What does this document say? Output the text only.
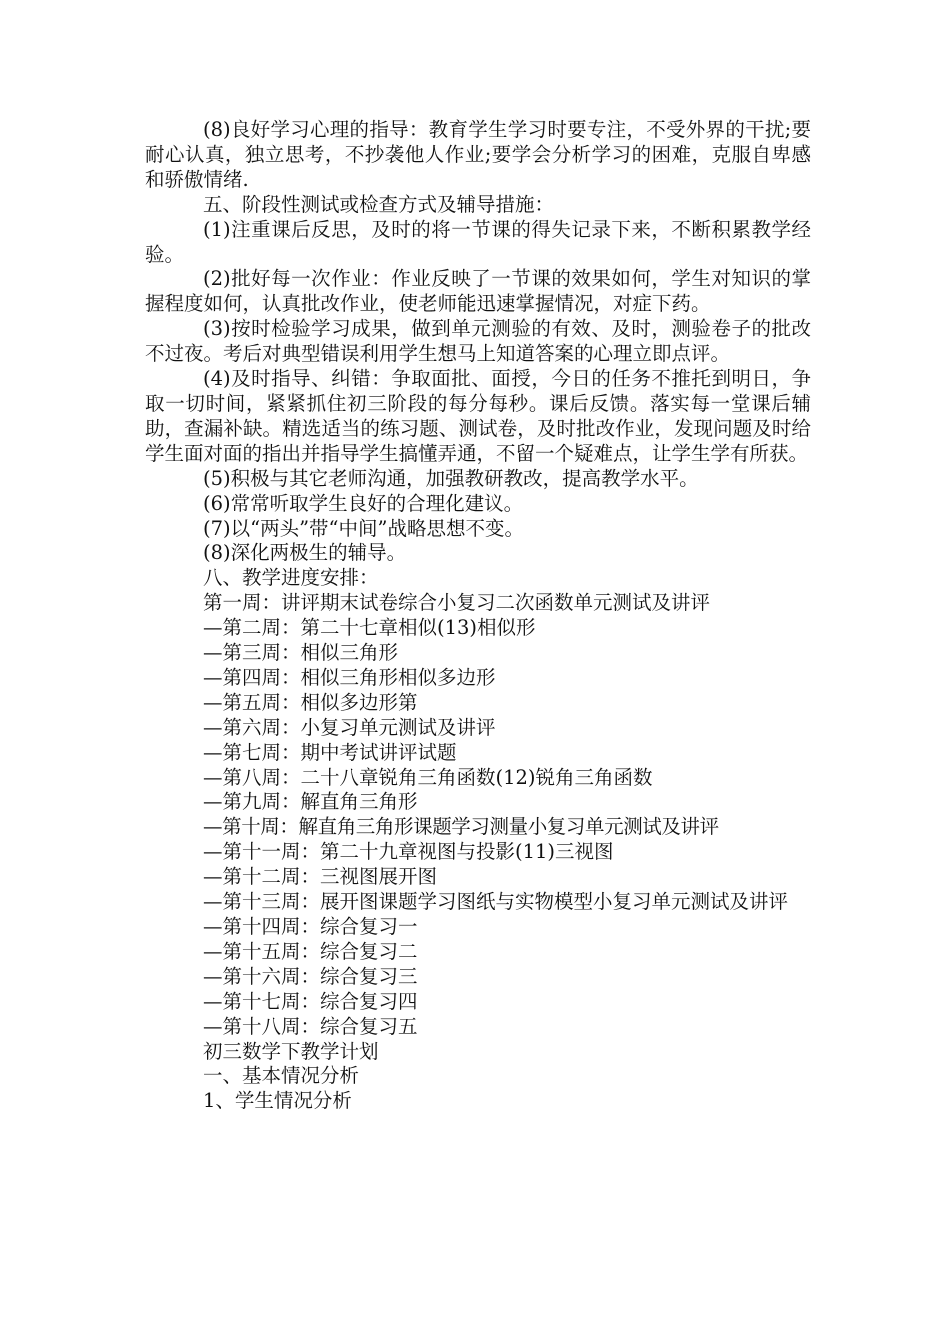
(8)良好学习心理的指导：教育学生学习时要专注，不受外界的干扰;要耐心认真，独立思考，不抄袭他人作业;要学会分析学习的困难，克服自卑感和骄傲情绪.

五、阶段性测试或检查方式及辅导措施：

(1)注重课后反思，及时的将一节课的得失记录下来，不断积累教学经验。

(2)批好每一次作业：作业反映了一节课的效果如何，学生对知识的掌握程度如何，认真批改作业，使老师能迅速掌握情况，对症下药。

(3)按时检验学习成果，做到单元测验的有效、及时，测验卷子的批改不过夜。考后对典型错误利用学生想马上知道答案的心理立即点评。

(4)及时指导、纠错：争取面批、面授，今日的任务不推托到明日，争取一切时间，紧紧抓住初三阶段的每分每秒。课后反馈。落实每一堂课后辅助，查漏补缺。精选适当的练习题、测试卷，及时批改作业，发现问题及时给学生面对面的指出并指导学生搞懂弄通，不留一个疑难点，让学生学有所获。

(5)积极与其它老师沟通，加强教研教改，提高教学水平。

(6)常常听取学生良好的合理化建议。

(7)以“两头”带“中间”战略思想不变。

(8)深化两极生的辅导。

八、教学进度安排：

第一周：讲评期末试卷综合小复习二次函数单元测试及讲评

—第二周：第二十七章相似(13)相似形

—第三周：相似三角形

—第四周：相似三角形相似多边形

—第五周：相似多边形第

—第六周：小复习单元测试及讲评

—第七周：期中考试讲评试题

—第八周：二十八章锐角三角函数(12)锐角三角函数

—第九周：解直角三角形

—第十周：解直角三角形课题学习测量小复习单元测试及讲评

—第十一周：第二十九章视图与投影(11)三视图

—第十二周：三视图展开图

—第十三周：展开图课题学习图纸与实物模型小复习单元测试及讲评

—第十四周：综合复习一

—第十五周：综合复习二

—第十六周：综合复习三

—第十七周：综合复习四

—第十八周：综合复习五

初三数学下教学计划

一、基本情况分析

1、学生情况分析
